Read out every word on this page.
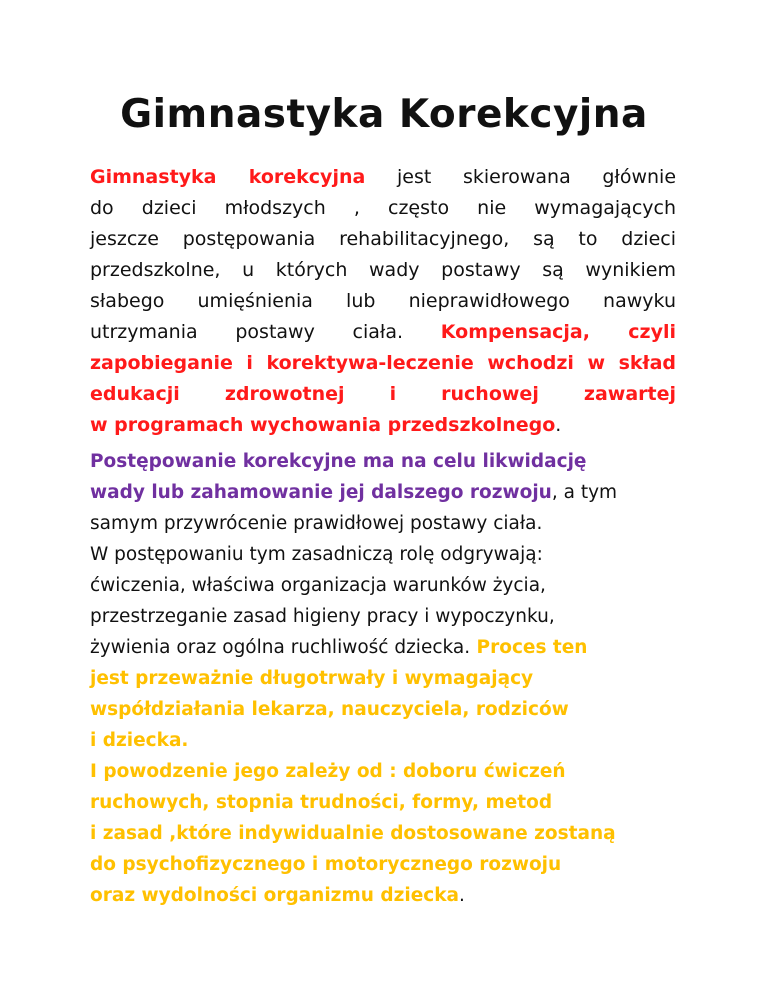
Gimnastyka Korekcyjna
Gimnastyka korekcyjna jest skierowana głównie
do dzieci młodszych , często nie wymagających
jeszcze postępowania rehabilitacyjnego, są to dzieci
przedszkolne, u których wady postawy są wynikiem
słabego umięśnienia lub nieprawidłowego nawyku
utrzymania postawy ciała. Kompensacja, czyli
zapobieganie i korektywa-leczenie wchodzi w skład
edukacji zdrowotnej i ruchowej zawartej
w programach wychowania przedszkolnego.
Postępowanie korekcyjne ma na celu likwidację
wady lub zahamowanie jej dalszego rozwoju, a tym
samym przywrócenie prawidłowej postawy ciała.
W postępowaniu tym zasadniczą rolę odgrywają:
ćwiczenia, właściwa organizacja warunków życia,
przestrzeganie zasad higieny pracy i wypoczynku,
żywienia oraz ogólna ruchliwość dziecka. Proces ten
jest przeważnie długotrwały i wymagający
współdziałania lekarza, nauczyciela, rodziców
i dziecka.
I powodzenie jego zależy od : doboru ćwiczeń
ruchowych, stopnia trudności, formy, metod
i zasad ,które indywidualnie dostosowane zostaną
do psychofizycznego i motorycznego rozwoju
oraz wydolności organizmu dziecka.
